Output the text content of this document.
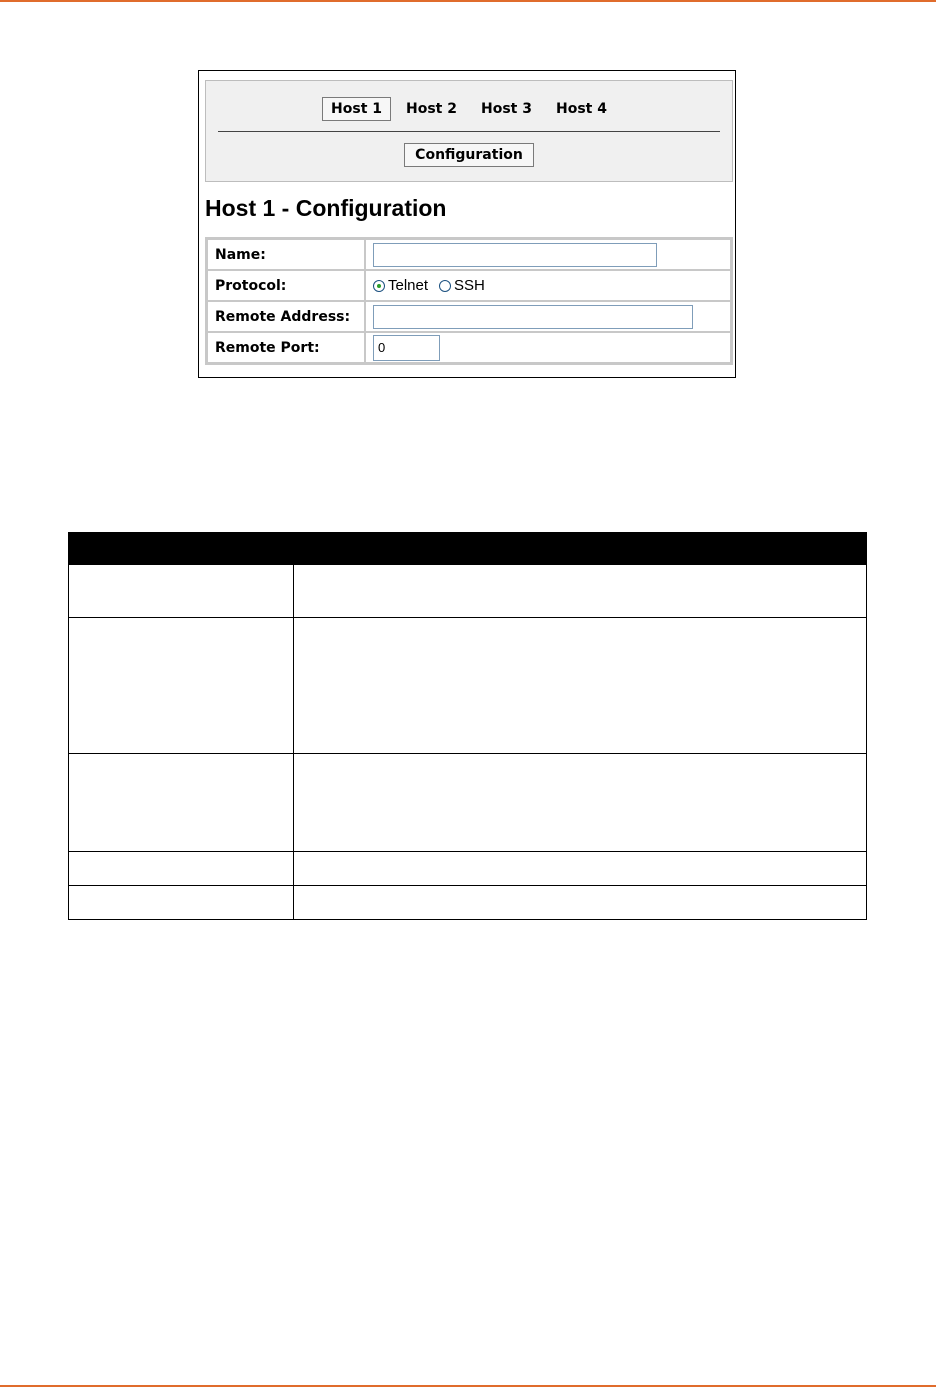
Host 1	Host 2	Host 3	Host 4
Configuration
Host 1 - Configuration
Name:	
Protocol:	Telnet SSH

Remote Address:	
Remote Port:	0
